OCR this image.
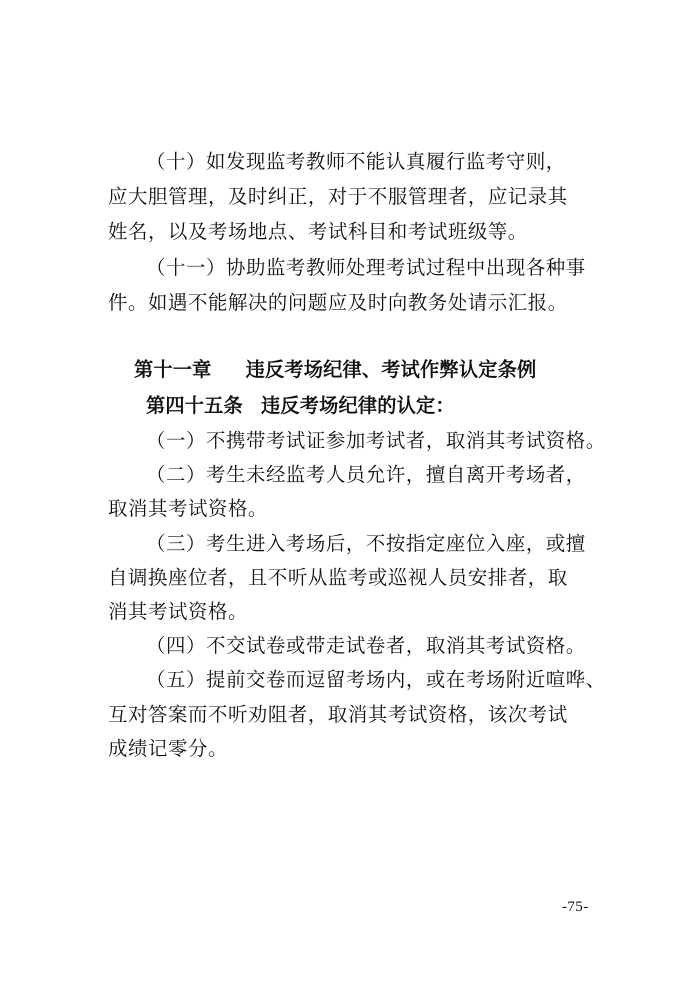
（十）如发现监考教师不能认真履行监考守则，
应大胆管理，及时纠正，对于不服管理者，应记录其
姓名，以及考场地点、考试科目和考试班级等。
（十一）协助监考教师处理考试过程中出现各种事
件。如遇不能解决的问题应及时向教务处请示汇报。
第十一章 违反考场纪律、考试作弊认定条例
第四十五条 违反考场纪律的认定：
（一）不携带考试证参加考试者，取消其考试资格。
（二）考生未经监考人员允许，擅自离开考场者，
取消其考试资格。
（三）考生进入考场后，不按指定座位入座，或擅
自调换座位者，且不听从监考或巡视人员安排者，取
消其考试资格。
（四）不交试卷或带走试卷者，取消其考试资格。
（五）提前交卷而逗留考场内，或在考场附近喧哗、
互对答案而不听劝阻者，取消其考试资格，该次考试
成绩记零分。
-75-
